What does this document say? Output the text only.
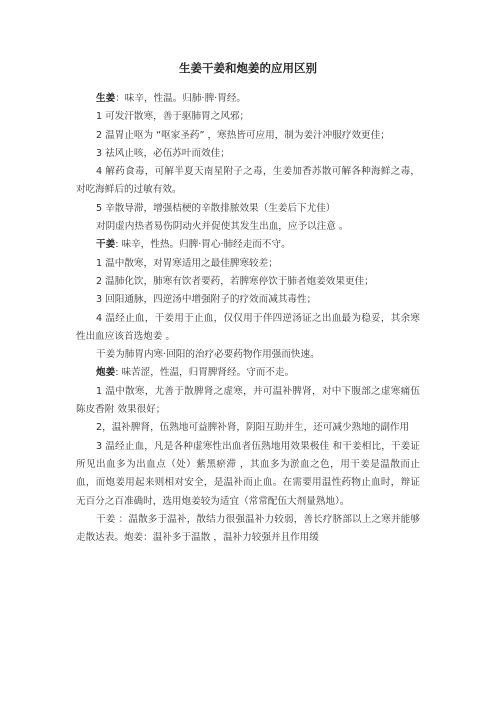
生姜干姜和炮姜的应用区别

生姜：味辛，性温。归肺·脾·胃经。

1 可发汗散寒，善于驱肺胃之风邪；

2 温胃止呕为 “呕家圣药” ，寒热皆可应用，制为姜汁冲服疗效更佳；

3 祛风止咳，必伍苏叶而效佳；

4 解药食毒，可解半夏天南星附子之毒，生姜加香苏散可解各种海鲜之毒，对吃海鲜后的过敏有效。

5 辛散导滞，增强桔梗的辛散排脓效果（生姜后下尤佳）

对阴虚内热者易伤阴动火并促使其发生出血，应予以注意 。

干姜: 味辛，性热。归脾·胃心·肺经走而不守。

1 温中散寒，对胃寒适用之最佳脾寒较差；

2 温肺化饮，肺寒有饮者要药，若脾寒停饮于肺者炮姜效果更佳；

3 回阳通脉，四逆汤中增强附子的疗效而减其毒性；

4 温经止血，干姜用于止血，仅仅用于伴四逆汤证之出血最为稳妥，其余寒性出血应该首选炮姜 。

干姜为肺胃内寒·回阳的治疗必要药物作用强而快速。

炮姜: 味苦涩，性温，归胃脾肾经。守而不走。

1 温中散寒，尤善于散脾肾之虚寒，并可温补脾肾，对中下腹部之虚寒痛伍 陈皮香附 效果很好；

2，温补脾肾，伍熟地可益脾补肾，阴阳互助并生，还可减少熟地的副作用

3 温经止血，凡是各种虚寒性出血者伍熟地用效果极佳 和干姜相比，干姜证 所见出血多为出血点（处）紫黑瘀滞 ，其血多为淤血之色，用干姜是温散而止血，而炮姜用起来则相对安全，是温补而止血。在需要用温性药物止血时，辩证无百分之百准确时，选用炮姜较为适宜（常常配伍大剂量熟地）。

干姜 ：温散多于温补，散结力很强温补力较弱，善长疗脐部以上之寒并能够走散达表。炮姜：温补多于温散 ，温补力较强并且作用缓
